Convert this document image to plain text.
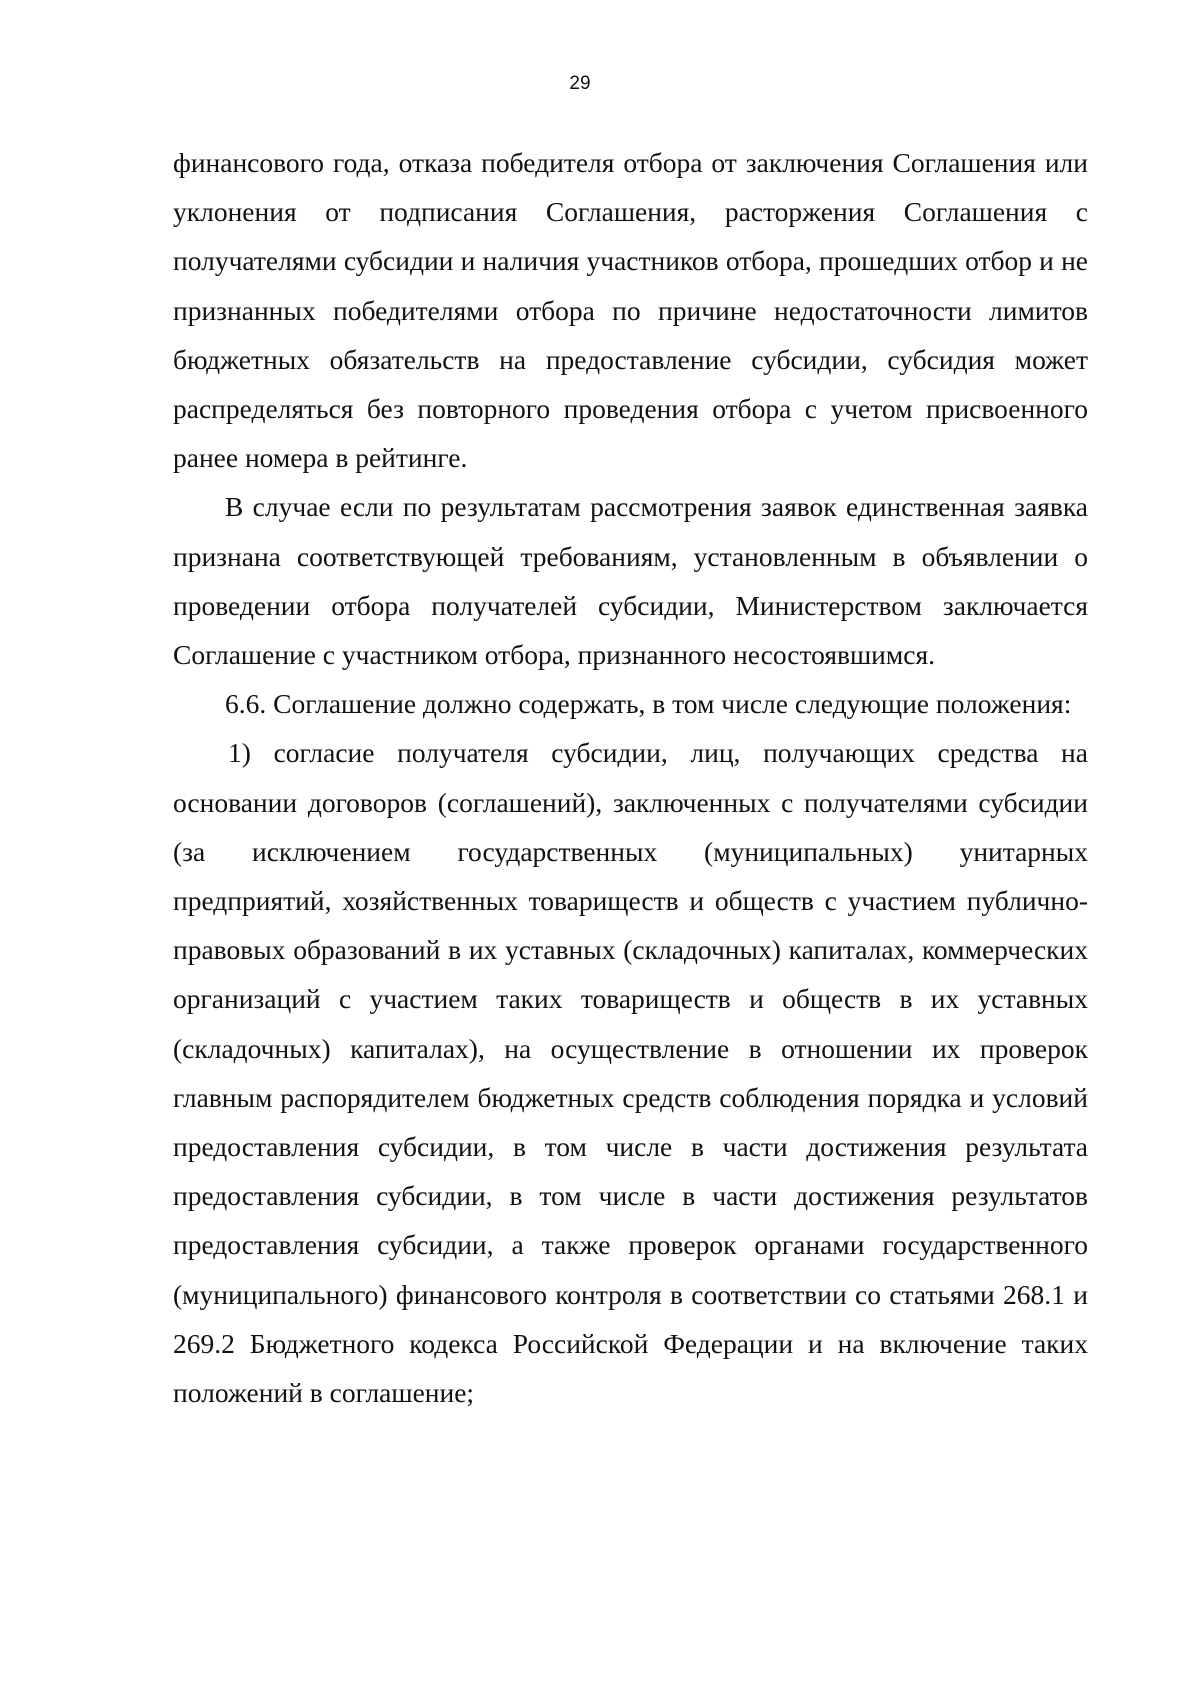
29

финансового года, отказа победителя отбора от заключения Соглашения или уклонения от подписания Соглашения, расторжения Соглашения с получателями субсидии и наличия участников отбора, прошедших отбор и не признанных победителями отбора по причине недостаточности лимитов бюджетных обязательств на предоставление субсидии, субсидия может распределяться без повторного проведения отбора с учетом присвоенного ранее номера в рейтинге.

В случае если по результатам рассмотрения заявок единственная заявка признана соответствующей требованиям, установленным в объявлении о проведении отбора получателей субсидии, Министерством заключается Соглашение с участником отбора, признанного несостоявшимся.

6.6. Соглашение должно содержать, в том числе следующие положения:

1) согласие получателя субсидии, лиц, получающих средства на основании договоров (соглашений), заключенных с получателями субсидии (за исключением государственных (муниципальных) унитарных предприятий, хозяйственных товариществ и обществ с участием публично-правовых образований в их уставных (складочных) капиталах, коммерческих организаций с участием таких товариществ и обществ в их уставных (складочных) капиталах), на осуществление в отношении их проверок главным распорядителем бюджетных средств соблюдения порядка и условий предоставления субсидии, в том числе в части достижения результата предоставления субсидии, в том числе в части достижения результатов предоставления субсидии, а также проверок органами государственного (муниципального) финансового контроля в соответствии со статьями 268.1 и 269.2 Бюджетного кодекса Российской Федерации и на включение таких положений в соглашение;
